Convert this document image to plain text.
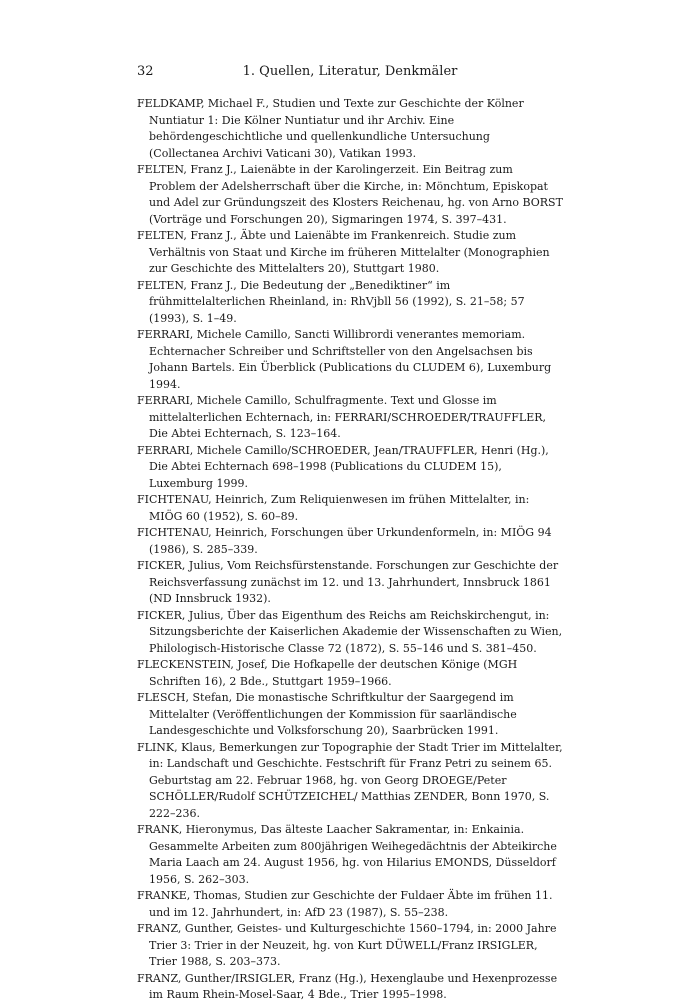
32	1. Quellen, Literatur, Denkmäler

FELDKAMP, Michael F., Studien und Texte zur Geschichte der Kölner Nuntiatur 1: Die Kölner Nuntiatur und ihr Archiv. Eine behördengeschichtliche und quellenkundliche Untersuchung (Collectanea Archivi Vaticani 30), Vatikan 1993.

FELTEN, Franz J., Laienäbte in der Karolingerzeit. Ein Beitrag zum Problem der Adelsherrschaft über die Kirche, in: Mönchtum, Episkopat und Adel zur Gründungszeit des Klosters Reichenau, hg. von Arno BORST (Vorträge und Forschungen 20), Sigmaringen 1974, S. 397–431.

FELTEN, Franz J., Äbte und Laienäbte im Frankenreich. Studie zum Verhältnis von Staat und Kirche im früheren Mittelalter (Monographien zur Geschichte des Mittelalters 20), Stuttgart 1980.

FELTEN, Franz J., Die Bedeutung der „Benediktiner“ im frühmittelalterlichen Rheinland, in: RhVjbll 56 (1992), S. 21–58; 57 (1993), S. 1–49.

FERRARI, Michele Camillo, Sancti Willibrordi venerantes memoriam. Echternacher Schreiber und Schriftsteller von den Angelsachsen bis Johann Bartels. Ein Überblick (Publications du CLUDEM 6), Luxemburg 1994.

FERRARI, Michele Camillo, Schulfragmente. Text und Glosse im mittelalterlichen Echternach, in: FERRARI/SCHROEDER/TRAUFFLER, Die Abtei Echternach, S. 123–164.

FERRARI, Michele Camillo/SCHROEDER, Jean/TRAUFFLER, Henri (Hg.), Die Abtei Echternach 698–1998 (Publications du CLUDEM 15), Luxemburg 1999.

FICHTENAU, Heinrich, Zum Reliquienwesen im frühen Mittelalter, in: MIÖG 60 (1952), S. 60–89.

FICHTENAU, Heinrich, Forschungen über Urkundenformeln, in: MIÖG 94 (1986), S. 285–339.

FICKER, Julius, Vom Reichsfürstenstande. Forschungen zur Geschichte der Reichsverfassung zunächst im 12. und 13. Jahrhundert, Innsbruck 1861 (ND Innsbruck 1932).

FICKER, Julius, Über das Eigenthum des Reichs am Reichskirchengut, in: Sitzungsberichte der Kaiserlichen Akademie der Wissenschaften zu Wien, Philologisch-Historische Classe 72 (1872), S. 55–146 und S. 381–450.

FLECKENSTEIN, Josef, Die Hofkapelle der deutschen Könige (MGH Schriften 16), 2 Bde., Stuttgart 1959–1966.

FLESCH, Stefan, Die monastische Schriftkultur der Saargegend im Mittelalter (Veröffentlichungen der Kommission für saarländische Landesgeschichte und Volksforschung 20), Saarbrücken 1991.

FLINK, Klaus, Bemerkungen zur Topographie der Stadt Trier im Mittelalter, in: Landschaft und Geschichte. Festschrift für Franz Petri zu seinem 65. Geburtstag am 22. Februar 1968, hg. von Georg DROEGE/Peter SCHÖLLER/Rudolf SCHÜTZEICHEL/ Matthias ZENDER, Bonn 1970, S. 222–236.

FRANK, Hieronymus, Das älteste Laacher Sakramentar, in: Enkainia. Gesammelte Arbeiten zum 800jährigen Weihegedächtnis der Abteikirche Maria Laach am 24. August 1956, hg. von Hilarius EMONDS, Düsseldorf 1956, S. 262–303.

FRANKE, Thomas, Studien zur Geschichte der Fuldaer Äbte im frühen 11. und im 12. Jahrhundert, in: AfD 23 (1987), S. 55–238.

FRANZ, Gunther, Geistes- und Kulturgeschichte 1560–1794, in: 2000 Jahre Trier 3: Trier in der Neuzeit, hg. von Kurt DÜWELL/Franz IRSIGLER, Trier 1988, S. 203–373.

FRANZ, Gunther/IRSIGLER, Franz (Hg.), Hexenglaube und Hexenprozesse im Raum Rhein-Mosel-Saar, 4 Bde., Trier 1995–1998.
